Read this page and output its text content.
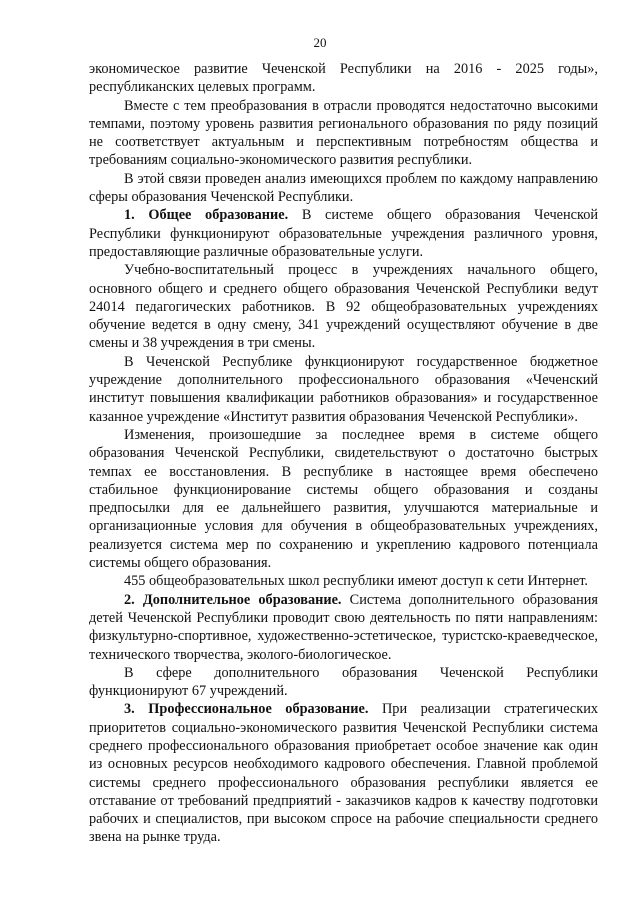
20

экономическое развитие Чеченской Республики на 2016 - 2025 годы», республиканских целевых программ.

Вместе с тем преобразования в отрасли проводятся недостаточно высокими темпами, поэтому уровень развития регионального образования по ряду позиций не соответствует актуальным и перспективным потребностям общества и требованиям социально-экономического развития республики.

В этой связи проведен анализ имеющихся проблем по каждому направлению сферы образования Чеченской Республики.

1. Общее образование. В системе общего образования Чеченской Республики функционируют образовательные учреждения различного уровня, предоставляющие различные образовательные услуги.

Учебно-воспитательный процесс в учреждениях начального общего, основного общего и среднего общего образования Чеченской Республики ведут 24014 педагогических работников. В 92 общеобразовательных учреждениях обучение ведется в одну смену, 341 учреждений осуществляют обучение в две смены и 38 учреждения в три смены.

В Чеченской Республике функционируют государственное бюджетное учреждение дополнительного профессионального образования «Чеченский институт повышения квалификации работников образования» и государственное казанное учреждение «Институт развития образования Чеченской Республики».

Изменения, произошедшие за последнее время в системе общего образования Чеченской Республики, свидетельствуют о достаточно быстрых темпах ее восстановления. В республике в настоящее время обеспечено стабильное функционирование системы общего образования и созданы предпосылки для ее дальнейшего развития, улучшаются материальные и организационные условия для обучения в общеобразовательных учреждениях, реализуется система мер по сохранению и укреплению кадрового потенциала системы общего образования.

455 общеобразовательных школ республики имеют доступ к сети Интернет.

2. Дополнительное образование. Система дополнительного образования детей Чеченской Республики проводит свою деятельность по пяти направлениям: физкультурно-спортивное, художественно-эстетическое, туристско-краеведческое, технического творчества, эколого-биологическое.

В сфере дополнительного образования Чеченской Республики функционируют 67 учреждений.

3. Профессиональное образование. При реализации стратегических приоритетов социально-экономического развития Чеченской Республики система среднего профессионального образования приобретает особое значение как один из основных ресурсов необходимого кадрового обеспечения. Главной проблемой системы среднего профессионального образования республики является ее отставание от требований предприятий - заказчиков кадров к качеству подготовки рабочих и специалистов, при высоком спросе на рабочие специальности среднего звена на рынке труда.
